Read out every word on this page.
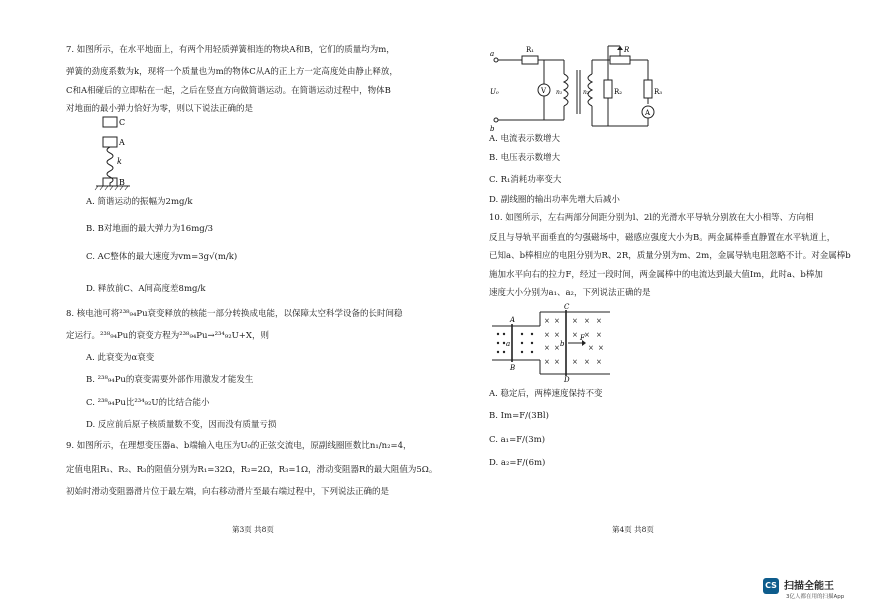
7. 如图所示，在水平地面上，有两个用轻质弹簧相连的物块A和B，它们的质量均为m，
弹簧的劲度系数为k，现将一个质量也为m的物体C从A的正上方一定高度处由静止释放，
C和A相碰后的立即粘在一起，之后在竖直方向做简谐运动。在简谐运动过程中，物体B
对地面的最小弹力恰好为零，则以下说法正确的是
C
A
k
B
A. 简谐运动的振幅为2mg/k
B. B对地面的最大弹力为16mg/3
C. AC整体的最大速度为vm=3g√(m/k)
D. 释放前C、A间高度差8mg/k
8. 核电池可将²³⁸₉₄Pu衰变释放的核能一部分转换成电能，以保障太空科学设备的长时间稳
定运行。²³⁸₉₄Pu的衰变方程为²³⁸₉₄Pu→²³⁴₉₂U+X，则
A. 此衰变为α衰变
B. ²³⁸₉₄Pu的衰变需要外部作用激发才能发生
C. ²³⁸₉₄Pu比²³⁴₉₂U的比结合能小
D. 反应前后原子核质量数不变，因而没有质量亏损
9. 如图所示，在理想变压器a、b端输入电压为U₀的正弦交流电，原副线圈匝数比n₁/n₂=4，
定值电阻R₁、R₂、R₃的阻值分别为R₁=32Ω，R₂=2Ω，R₃=1Ω，滑动变阻器R的最大阻值为5Ω。
初始时滑动变阻器滑片位于最左端，向右移动滑片至最右端过程中，下列说法正确的是
第3页 共8页
R₁
a
U₀
b
V n₁	n₂
R
R₂	R₃
A
A. 电流表示数增大
B. 电压表示数增大
C. R₁消耗功率变大
D. 副线圈的输出功率先增大后减小
10. 如图所示，左右两部分间距分别为l、2l的光滑水平导轨分别放在大小相等、方向相
反且与导轨平面垂直的匀强磁场中，磁感应强度大小为B。两金属棒垂直静置在水平轨道上，
已知a、b棒相应的电阻分别为R、2R，质量分别为m、2m，金属导轨电阻忽略不计。对金属棒b
施加水平向右的拉力F，经过一段时间，两金属棒中的电流达到最大值Im，此时a、b棒加
速度大小分别为a₁、a₂，下列说法正确的是
× × × × ×
× × × × ×
× ×	× ×
× × × × ×
A
B
C
D
a	b
F
A. 稳定后，两棒速度保持不变
B. Im=F/(3Bl)
C. a₁=F/(3m)
D. a₂=F/(6m)
第4页 共8页
CS 扫描全能王
3亿人都在用的扫描App
